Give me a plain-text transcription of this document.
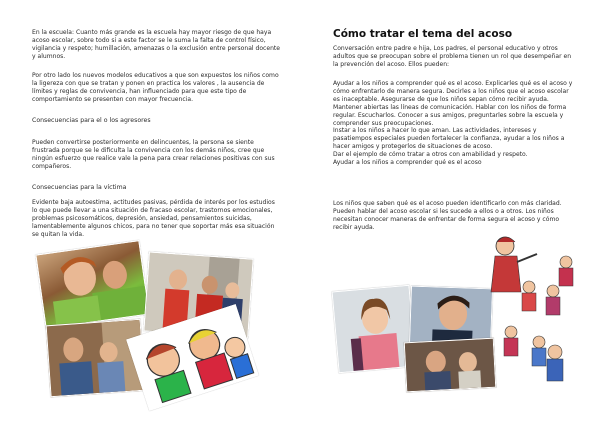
En la escuela: Cuanto más grande es la escuela hay mayor riesgo de que haya acoso escolar, sobre todo si a este factor se le suma la falta de control físico, vigilancia y respeto; humillación, amenazas o la exclusión entre personal docente y alumnos.

Por otro lado los nuevos modelos educativos a que son expuestos los niños como la ligereza con que se tratan y ponen en practica los valores , la ausencia de límites y reglas de convivencia, han influenciado para que este tipo de comportamiento se presenten con mayor frecuencia.

Consecuencias para el o los agresores

Pueden convertirse posteriormente en delincuentes, la persona se siente frustrada porque se le dificulta la convivencia con los demás niños, cree que ningún esfuerzo que realice vale la pena para crear relaciones positivas con sus compañeros.

Consecuencias para la víctima

Evidente baja autoestima, actitudes pasivas, pérdida de interés por los estudios lo que puede llevar a una situación de fracaso escolar, trastornos emocionales, problemas psicosomáticos, depresión, ansiedad, pensamientos suicidas, lamentablemente algunos chicos, para no tener que soportar más esa situación se quitan la vida.

Cómo tratar el tema del acoso

Conversación entre padre e hija, Los padres, el personal educativo y otros adultos que se preocupan sobre el problema tienen un rol que desempeñar en la prevención del acoso. Ellos pueden:

Ayudar a los niños a comprender qué es el acoso. Explicarles qué es el acoso y cómo enfrentarlo de manera segura. Decirles a los niños que el acoso escolar es inaceptable. Asegurarse de que los niños sepan cómo recibir ayuda.
Mantener abiertas las líneas de comunicación. Hablar con los niños de forma regular. Escucharlos. Conocer a sus amigos, preguntarles sobre la escuela y comprender sus preocupaciones.
Instar a los niños a hacer lo que aman. Las actividades, intereses y pasatiempos especiales pueden fortalecer la confianza, ayudar a los niños a hacer amigos y protegerlos de situaciones de acoso.
Dar el ejemplo de cómo tratar a otros con amabilidad y respeto.
Ayudar a los niños a comprender qué es el acoso

Los niños que saben qué es el acoso pueden identificarlo con más claridad. Pueden hablar del acoso escolar si les sucede a ellos o a otros. Los niños necesitan conocer maneras de enfrentar de forma segura el acoso y cómo recibir ayuda.
